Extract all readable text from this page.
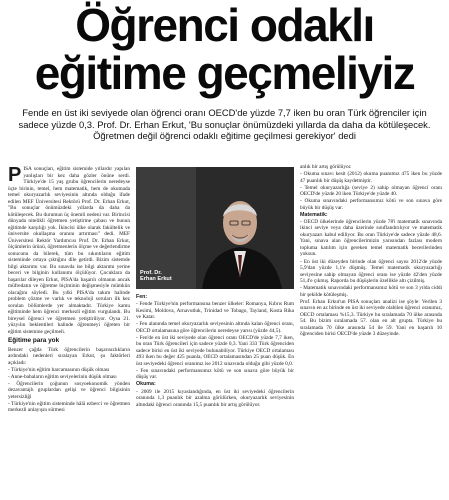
Öğrenci odaklı
eğitime geçmeliyiz
Fende en üst iki seviyede olan öğrenci oranı OECD'de yüzde 7,7 iken bu oran Türk öğrenciler için sadece yüzde 0,3. Prof. Dr. Erhan Erkut, 'Bu sonuçlar önümüzdeki yıllarda da daha da kötüleşecek. Öğretmen değil öğrenci odaklı eğitime geçilmesi gerekiyor' dedi
P ISA sonuçları, eğitim sistemide yıllardır yapılan yanlışları bir kez daha gözler önüne serdi. Türkiye'de 15 yaş grubu öğrencilerin neredeyse üçte birinin, temel, hem matematik, hem de okumada temel okuryazarlık seviyesinin altında olduğu ifade edilen MEF Üniversitesi Rektörü Prof. Dr. Erhan Erkut, "Bu sonuçlar önümüzdeki yıllarda da daha da kötüleşecek. Bu durumun üç önemli nedeni var. Birincisi dünyada nitelikli öğretmen yetiştirme çabası ve bunun eğitimde karşılığı yok. İkincisi ülke olarak fakültelik ve üniversite okullaşma oranını artırması" dedi. MEF Üniversitesi Rektör Yardımcısı Prof. Dr. Erhan Erkut, ölçümlerin ürünü, öğretmenlerin ölçme ve değerlendirme sonucunu da bilerek, tüm bu sıkıntıların eğitim sisteminde ortaya çıktığını dile getirdi. Bizim sistemde bilgi aktarımı var. Bu sınavda ise bilgi aktarımı yerine beceri ve bilginin kullanımı ölçülüyor. Çocuklara da başarılar dileyen Erkut, PISA'da başarılı olmanın ancak müfredatın ve öğretme biçiminin değişmesiyle mümkün olacağını söyledi. Bu yılki PISA'da takım halinde problem çözme ve varlık ve teknoloji soruları ilk kez sorulan bölümlerde yer almaktadır. Türkiye kamu eğitiminde hem öğrenci merkezli eğitim vurgulandı. Bu bireysel öğrenci ve öğretmen yetiştiriliyor. Oysa 21. yüzyılın beklentileri halinde öğrenmeyi öğreten bir eğitim sistemine geçilmeli.

Eğitime para yok

Benzer çağda Türk öğrencilerin başarısızlıkların ardındaki nedenleri sıralayan Erkut, şu faktörleri açıkladı:

- Türkiye'nin eğitim harcamasının düşük olması

- Anne-babaların eğitim seviyelerinin düşük olması

- Öğrencilerin çoğunun sosyoekonomik yönden dezavantajlı gruplardan gelişi ve öğrenci bilgisinin yetersizliği

- Türkiye'nin eğitim sisteminde hâlâ ezberci ve öğretmen merkezli anlayışın sürmesi

Prof. Dr.
Erhan Erkut

Fen:

- Fende Türkiye'nin performansına benzer ülkeler: Romanya, Kıbrıs Rum Kesimi, Moldova, Arnavutluk, Trinidad ve Tobago, Tayland, Kosta Rika ve Katar.

- Fen alanında temel okuryazarlık seviyesinin altında kalan öğrenci oranı, OECD ortalamasına göre öğrencilerin neredeyse yarısı (yüzde 44,5).

- Fen'de en üst iki seviyede olan öğrenci oranı OECD'de yüzde 7,7 iken, bu oran Türk öğrencileri için sadece yüzde 0,3. Yani 333 Türk öğrenciden sadece birisi en üst iki seviyede bulunabiliyor. Türkiye OECD ortalaması 493 iken bu değer 425 puanla, OECD ortalamasından 25 puan düşük. En üst seviyedeki öğrenci oranımız ise 2012 sınavında olduğu gibi yüzde 0,0.

- Fen sınavındaki performansımız kötü ve son sınava göre büyük bir düşüş var.

Okuma:

- 2009 ile 2015 kıyaslandığında, en üst iki seviyedeki öğrencilerin oranında 1,3 puanlık bir azalma görülürken, okuryazarlık seviyesinin altındaki öğrenci oranında 15,5 puanlık bir artış görülüyor.

anlık bir artış görülüyor.

- Okuma sınavı kesit (2012) okuma puanımız 475 iken bu yüzde 47 puanlık bir düşüş kaydetmiştir.

- Temel okuryazarlığa (seviye 2) sahip olmayan öğrenci oranı OECD'de yüzde 20 iken Türkiye'de yüzde 40.

- Okuma sınavındaki performansımız kötü ve son sınava göre büyük bir düşüş var.

Matematik:

- OECD ülkelerinde öğrencilerin yüzde 78'i matematik sınavında ikinci seviye veya daha üzerinde sınıflandırılıyor ve matematik okuryazarı kabul ediliyor. Bu oran Türkiye'de sadece yüzde 48,6. Yani, sınava alan öğrencilerimizin yarısından fazlası modern topluma katılım için gereken temel matematik becerilerinden yoksun.

- En üst iki düzeyden birinde olan öğrenci sayısı 2012'de yüzde 5,9'dan yüzde 1,1'e düşmüş. Temel matematik okuryazarlığı seviyesine sahip olmayan öğrenci oranı ise yüzde 42'den yüzde 51,4'e çıkmış. Raporda bu düşüşlerin özellikle altı çizilmiş.

- Matematik sınavındaki performansımız kötü ve son 3 yılda ciddi bir şekilde kötüleşmiş.

Prof. Erhan Erkut'un PISA sonuçları analizi ise şöyle: Verilen 3 sınavın en az birinde en üst iki seviyede olabilen öğrenci oranımız, OECD ortalaması %15,3. Türkiye bu sıralamada 70 ülke arasında 54. Bu bizim sıralamada 57. olan en alt grupta. Türkiye bu sıralamada 70 ülke arasında 54 ile 59. Yani en başarılı 10 öğrenciden birisi OECD'de yüzde 3 düzeyinde.
